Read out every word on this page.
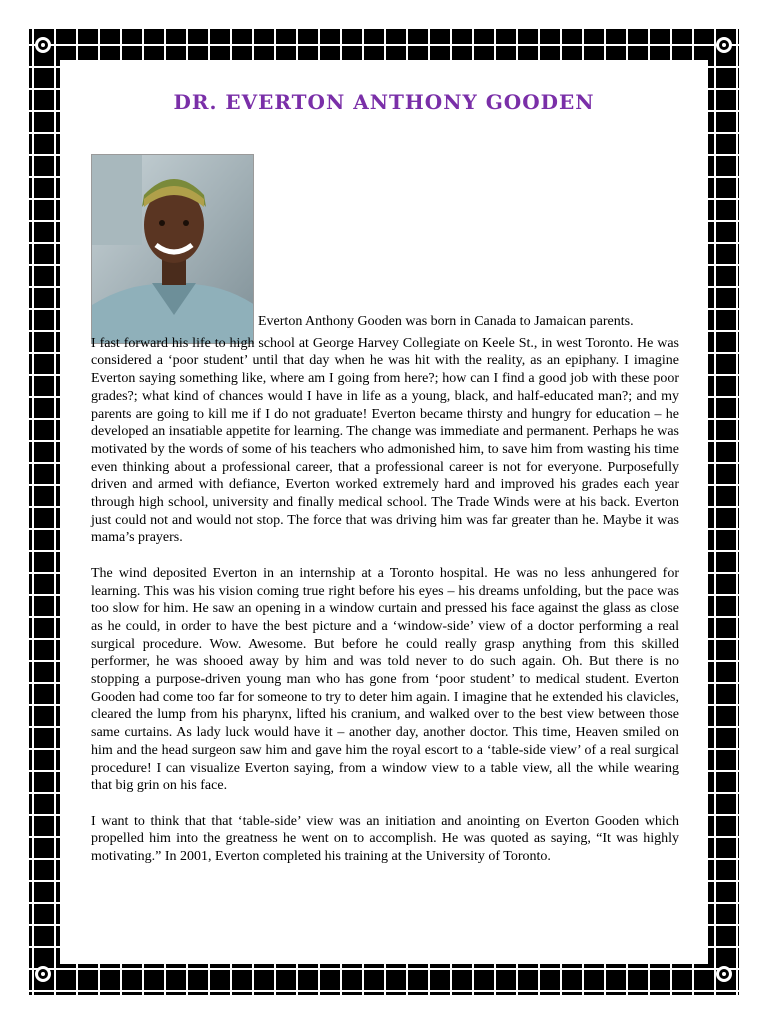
DR. EVERTON ANTHONY GOODEN

Everton Anthony Gooden was born in Canada to Jamaican parents.

I fast forward his life to high school at George Harvey Collegiate on Keele St., in west Toronto. He was considered a ‘poor student’ until that day when he was hit with the reality, as an epiphany. I imagine Everton saying something like, where am I going from here?; how can I find a good job with these poor grades?; what kind of chances would I have in life as a young, black, and half-educated man?; and my parents are going to kill me if I do not graduate! Everton became thirsty and hungry for education – he developed an insatiable appetite for learning. The change was immediate and permanent. Perhaps he was motivated by the words of some of his teachers who admonished him, to save him from wasting his time even thinking about a professional career, that a professional career is not for everyone. Purposefully driven and armed with defiance, Everton worked extremely hard and improved his grades each year through high school, university and finally medical school. The Trade Winds were at his back. Everton just could not and would not stop. The force that was driving him was far greater than he. Maybe it was mama’s prayers.

The wind deposited Everton in an internship at a Toronto hospital. He was no less anhungered for learning. This was his vision coming true right before his eyes – his dreams unfolding, but the pace was too slow for him. He saw an opening in a window curtain and pressed his face against the glass as close as he could, in order to have the best picture and a ‘window-side’ view of a doctor performing a real surgical procedure. Wow. Awesome. But before he could really grasp anything from this skilled performer, he was shooed away by him and was told never to do such again. Oh. But there is no stopping a purpose-driven young man who has gone from ‘poor student’ to medical student. Everton Gooden had come too far for someone to try to deter him again. I imagine that he extended his clavicles, cleared the lump from his pharynx, lifted his cranium, and walked over to the best view between those same curtains. As lady luck would have it – another day, another doctor. This time, Heaven smiled on him and the head surgeon saw him and gave him the royal escort to a ‘table-side view’ of a real surgical procedure! I can visualize Everton saying, from a window view to a table view, all the while wearing that big grin on his face.

I want to think that that ‘table-side’ view was an initiation and anointing on Everton Gooden which propelled him into the greatness he went on to accomplish. He was quoted as saying, “It was highly motivating.” In 2001, Everton completed his training at the University of Toronto.
